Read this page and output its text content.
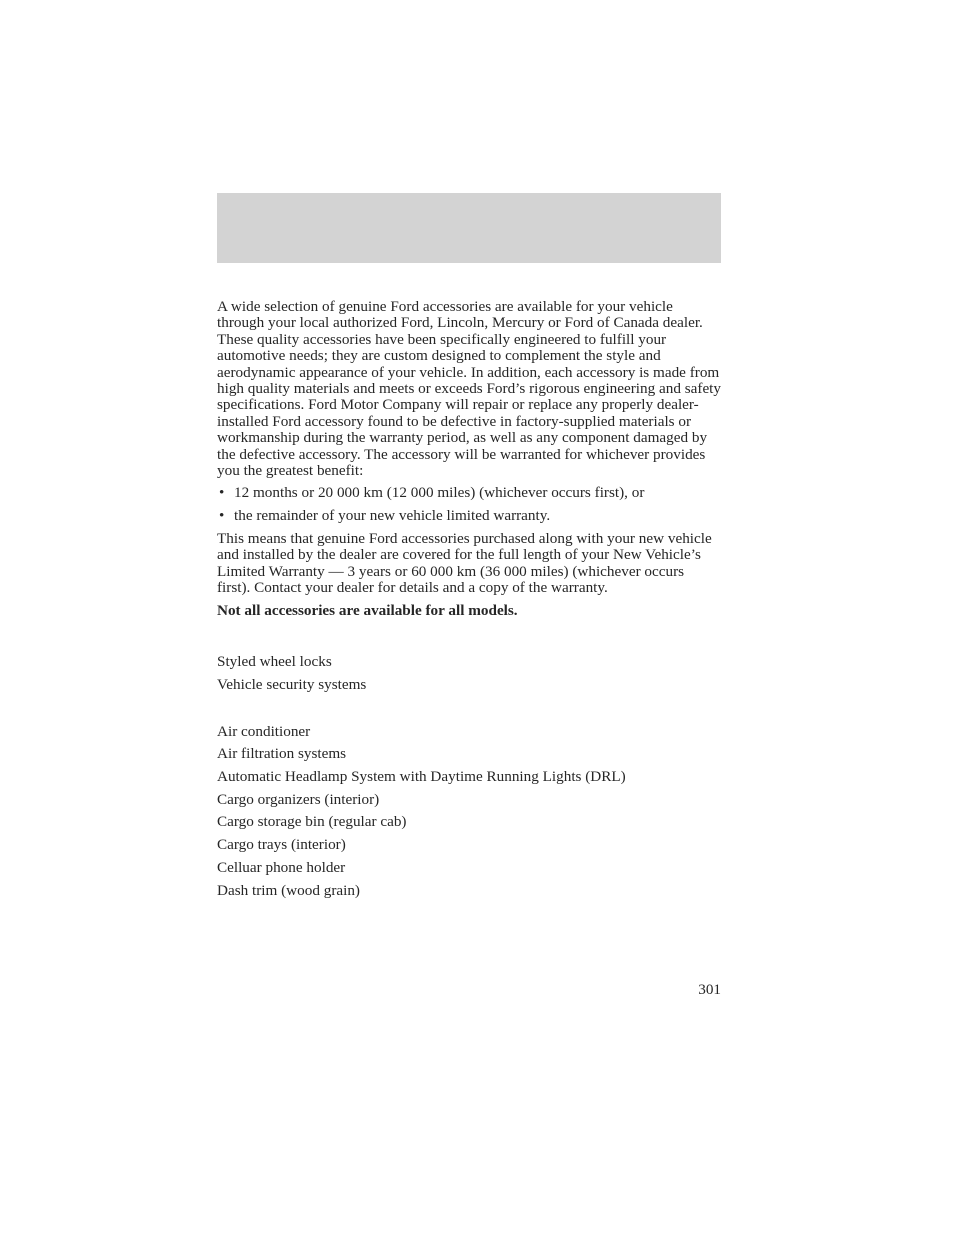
A wide selection of genuine Ford accessories are available for your vehicle through your local authorized Ford, Lincoln, Mercury or Ford of Canada dealer. These quality accessories have been specifically engineered to fulfill your automotive needs; they are custom designed to complement the style and aerodynamic appearance of your vehicle. In addition, each accessory is made from high quality materials and meets or exceeds Ford’s rigorous engineering and safety specifications. Ford Motor Company will repair or replace any properly dealer-installed Ford accessory found to be defective in factory-supplied materials or workmanship during the warranty period, as well as any component damaged by the defective accessory. The accessory will be warranted for whichever provides you the greatest benefit:

• 12 months or 20 000 km (12 000 miles) (whichever occurs first), or
• the remainder of your new vehicle limited warranty.

This means that genuine Ford accessories purchased along with your new vehicle and installed by the dealer are covered for the full length of your New Vehicle’s Limited Warranty — 3 years or 60 000 km (36 000 miles) (whichever occurs first). Contact your dealer for details and a copy of the warranty.

Not all accessories are available for all models.

Styled wheel locks
Vehicle security systems
Air conditioner
Air filtration systems
Automatic Headlamp System with Daytime Running Lights (DRL)
Cargo organizers (interior)
Cargo storage bin (regular cab)
Cargo trays (interior)
Celluar phone holder
Dash trim (wood grain)
301
